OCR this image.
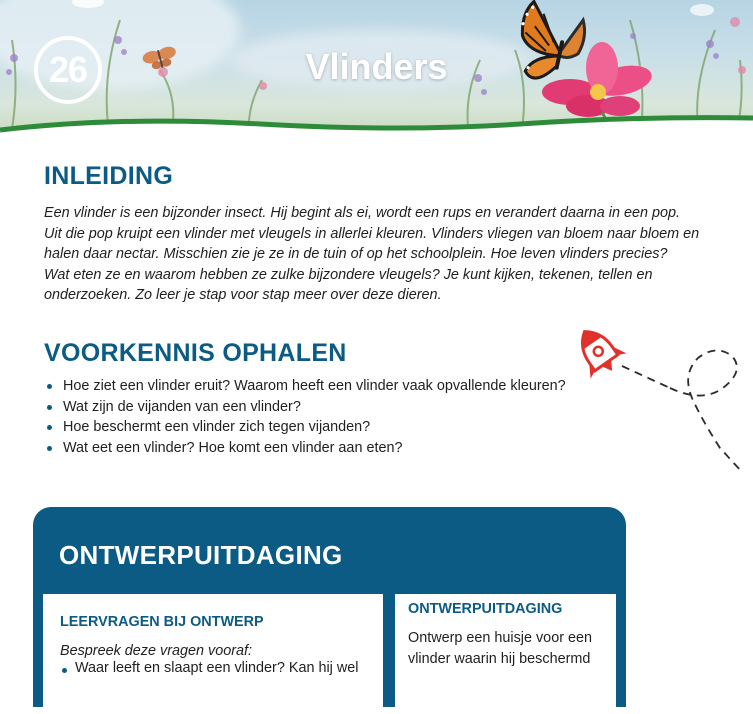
26	Vlinders
INLEIDING
Een vlinder is een bijzonder insect. Hij begint als ei, wordt een rups en verandert daarna in een pop.
Uit die pop kruipt een vlinder met vleugels in allerlei kleuren. Vlinders vliegen van bloem naar bloem en
halen daar nectar. Misschien zie je ze in de tuin of op het schoolplein. Hoe leven vlinders precies?
Wat eten ze en waarom hebben ze zulke bijzondere vleugels? Je kunt kijken, tekenen, tellen en
onderzoeken. Zo leer je stap voor stap meer over deze dieren.
VOORKENNIS OPHALEN
Hoe ziet een vlinder eruit? Waarom heeft een vlinder vaak opvallende kleuren?
Wat zijn de vijanden van een vlinder?
Hoe beschermt een vlinder zich tegen vijanden?
Wat eet een vlinder? Hoe komt een vlinder aan eten?
ONTWERPUITDAGING
LEERVRAGEN BIJ ONTWERP
Bespreek deze vragen vooraf:
Waar leeft en slaapt een vlinder? Kan hij wel
ONTWERPUITDAGING
Ontwerp een huisje voor een
vlinder waarin hij beschermd
